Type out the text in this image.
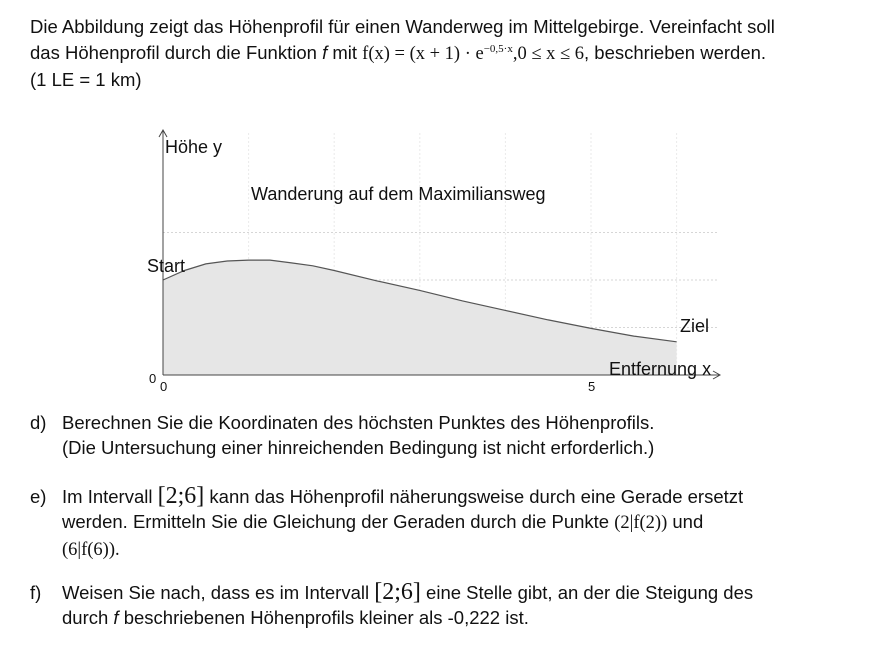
Die Abbildung zeigt das Höhenprofil für einen Wanderweg im Mittelgebirge. Vereinfacht soll
das Höhenprofil durch die Funktion f mit $f(x) = (x + 1) \cdot e^{-0,5\cdot x},0 \le x \le 6$, beschrieben werden.
(1 LE = 1 km)
Höhe y
Wanderung auf dem Maximiliansweg
Start
Ziel
Entfernung x
0
0	5
d) Berechnen Sie die Koordinaten des höchsten Punktes des Höhenprofils.
(Die Untersuchung einer hinreichenden Bedingung ist nicht erforderlich.)
e) Im Intervall [2;6] kann das Höhenprofil näherungsweise durch eine Gerade ersetzt
werden. Ermitteln Sie die Gleichung der Geraden durch die Punkte (2|f(2)) und
(6|f(6)).
f) Weisen Sie nach, dass es im Intervall [2;6] eine Stelle gibt, an der die Steigung des
durch f beschriebenen Höhenprofils kleiner als -0,222 ist.
